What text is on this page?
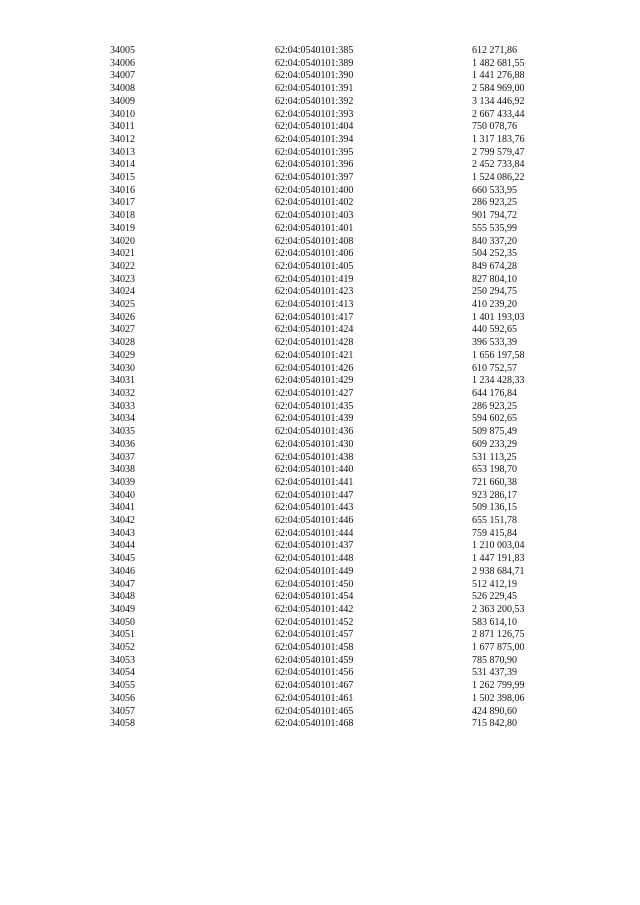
34005	62:04:0540101:385	612 271,86
34006	62:04:0540101:389	1 482 681,55
34007	62:04:0540101:390	1 441 276,88
34008	62:04:0540101:391	2 584 969,00
34009	62:04:0540101:392	3 134 446,92
34010	62:04:0540101:393	2 667 433,44
34011	62:04:0540101:404	750 078,76
34012	62:04:0540101:394	1 317 183,76
34013	62:04:0540101:395	2 799 579,47
34014	62:04:0540101:396	2 452 733,84
34015	62:04:0540101:397	1 524 086,22
34016	62:04:0540101:400	660 533,95
34017	62:04:0540101:402	286 923,25
34018	62:04:0540101:403	901 794,72
34019	62:04:0540101:401	555 535,99
34020	62:04:0540101:408	840 337,20
34021	62:04:0540101:406	504 252,35
34022	62:04:0540101:405	849 674,28
34023	62:04:0540101:419	827 804,10
34024	62:04:0540101:423	250 294,75
34025	62:04:0540101:413	410 239,20
34026	62:04:0540101:417	1 401 193,03
34027	62:04:0540101:424	440 592,65
34028	62:04:0540101:428	396 533,39
34029	62:04:0540101:421	1 656 197,58
34030	62:04:0540101:426	610 752,57
34031	62:04:0540101:429	1 234 428,33
34032	62:04:0540101:427	644 176,84
34033	62:04:0540101:435	286 923,25
34034	62:04:0540101:439	594 602,65
34035	62:04:0540101:436	509 875,49
34036	62:04:0540101:430	609 233,29
34037	62:04:0540101:438	531 113,25
34038	62:04:0540101:440	653 198,70
34039	62:04:0540101:441	721 660,38
34040	62:04:0540101:447	923 286,17
34041	62:04:0540101:443	509 136,15
34042	62:04:0540101:446	655 151,78
34043	62:04:0540101:444	759 415,84
34044	62:04:0540101:437	1 210 003,04
34045	62:04:0540101:448	1 447 191,83
34046	62:04:0540101:449	2 938 684,71
34047	62:04:0540101:450	512 412,19
34048	62:04:0540101:454	526 229,45
34049	62:04:0540101:442	2 363 200,53
34050	62:04:0540101:452	583 614,10
34051	62:04:0540101:457	2 871 126,75
34052	62:04:0540101:458	1 677 875,00
34053	62:04:0540101:459	785 870,90
34054	62:04:0540101:456	531 437,39
34055	62:04:0540101:467	1 262 799,99
34056	62:04:0540101:461	1 502 398,06
34057	62:04:0540101:465	424 890,60
34058	62:04:0540101:468	715 842,80
